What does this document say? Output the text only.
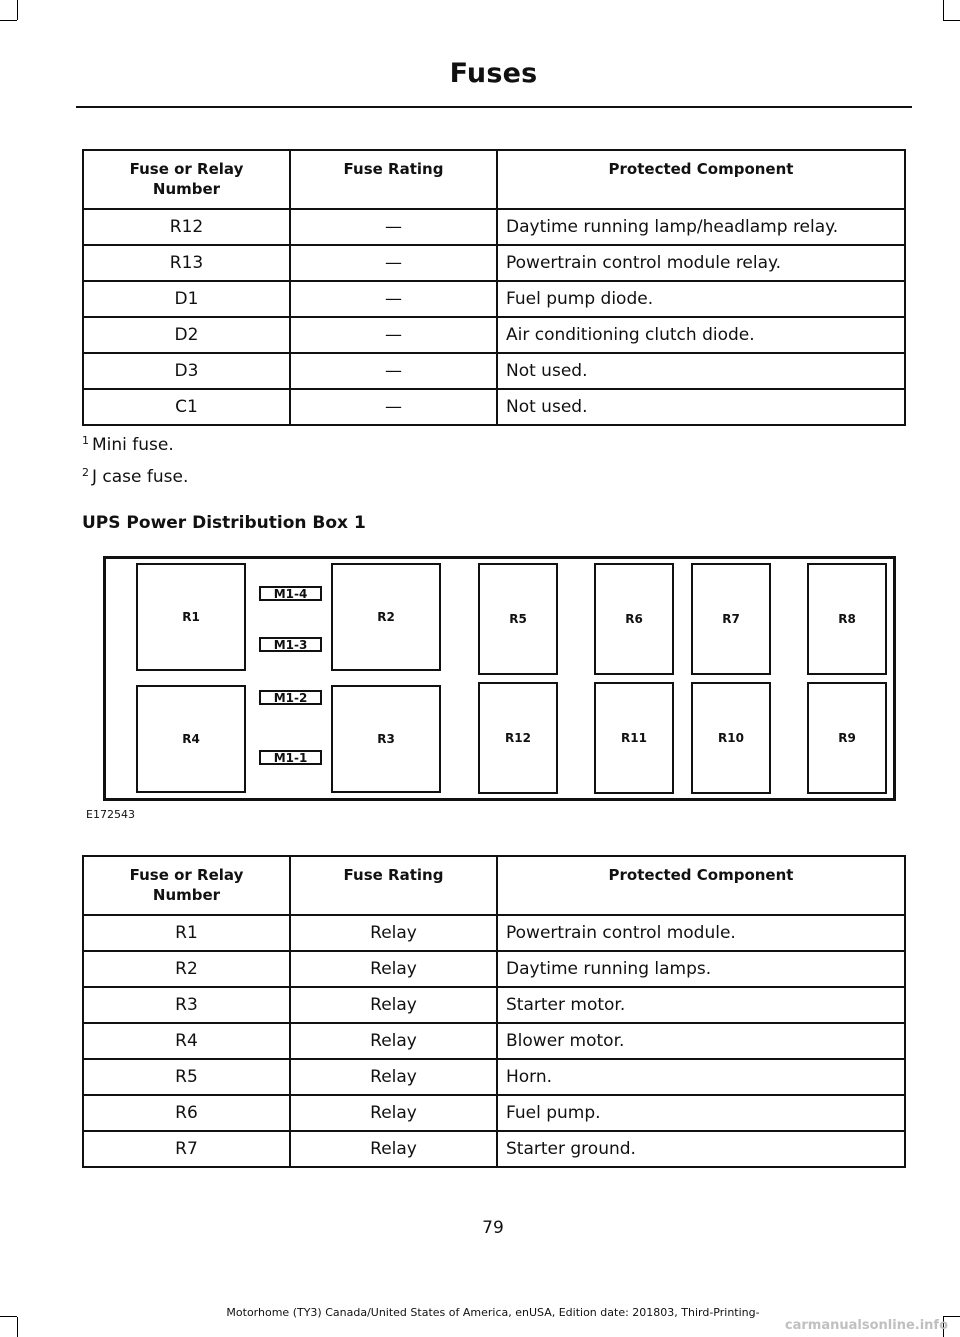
Fuses
Fuse or Relay Number	Fuse Rating	Protected Component
R12	—	Daytime running lamp/headlamp relay.
R13	—	Powertrain control module relay.
D1	—	Fuel pump diode.
D2	—	Air conditioning clutch diode.
D3	—	Not used.
C1	—	Not used.
$^1$ Mini fuse.
$^2$ J case fuse.
UPS Power Distribution Box 1
R1
R4
M1-4
M1-3
M1-2
M1-1
R2
R3
R5
R12
R6
R11
R7
R10
R8
R9
E172543
Fuse or Relay Number	Fuse Rating	Protected Component
R1	Relay	Powertrain control module.
R2	Relay	Daytime running lamps.
R3	Relay	Starter motor.
R4	Relay	Blower motor.
R5	Relay	Horn.
R6	Relay	Fuel pump.
R7	Relay	Starter ground.
79
Motorhome (TY3) Canada/United States of America, enUSA, Edition date: 201803, Third-Printing-
carmanualsonline.info
